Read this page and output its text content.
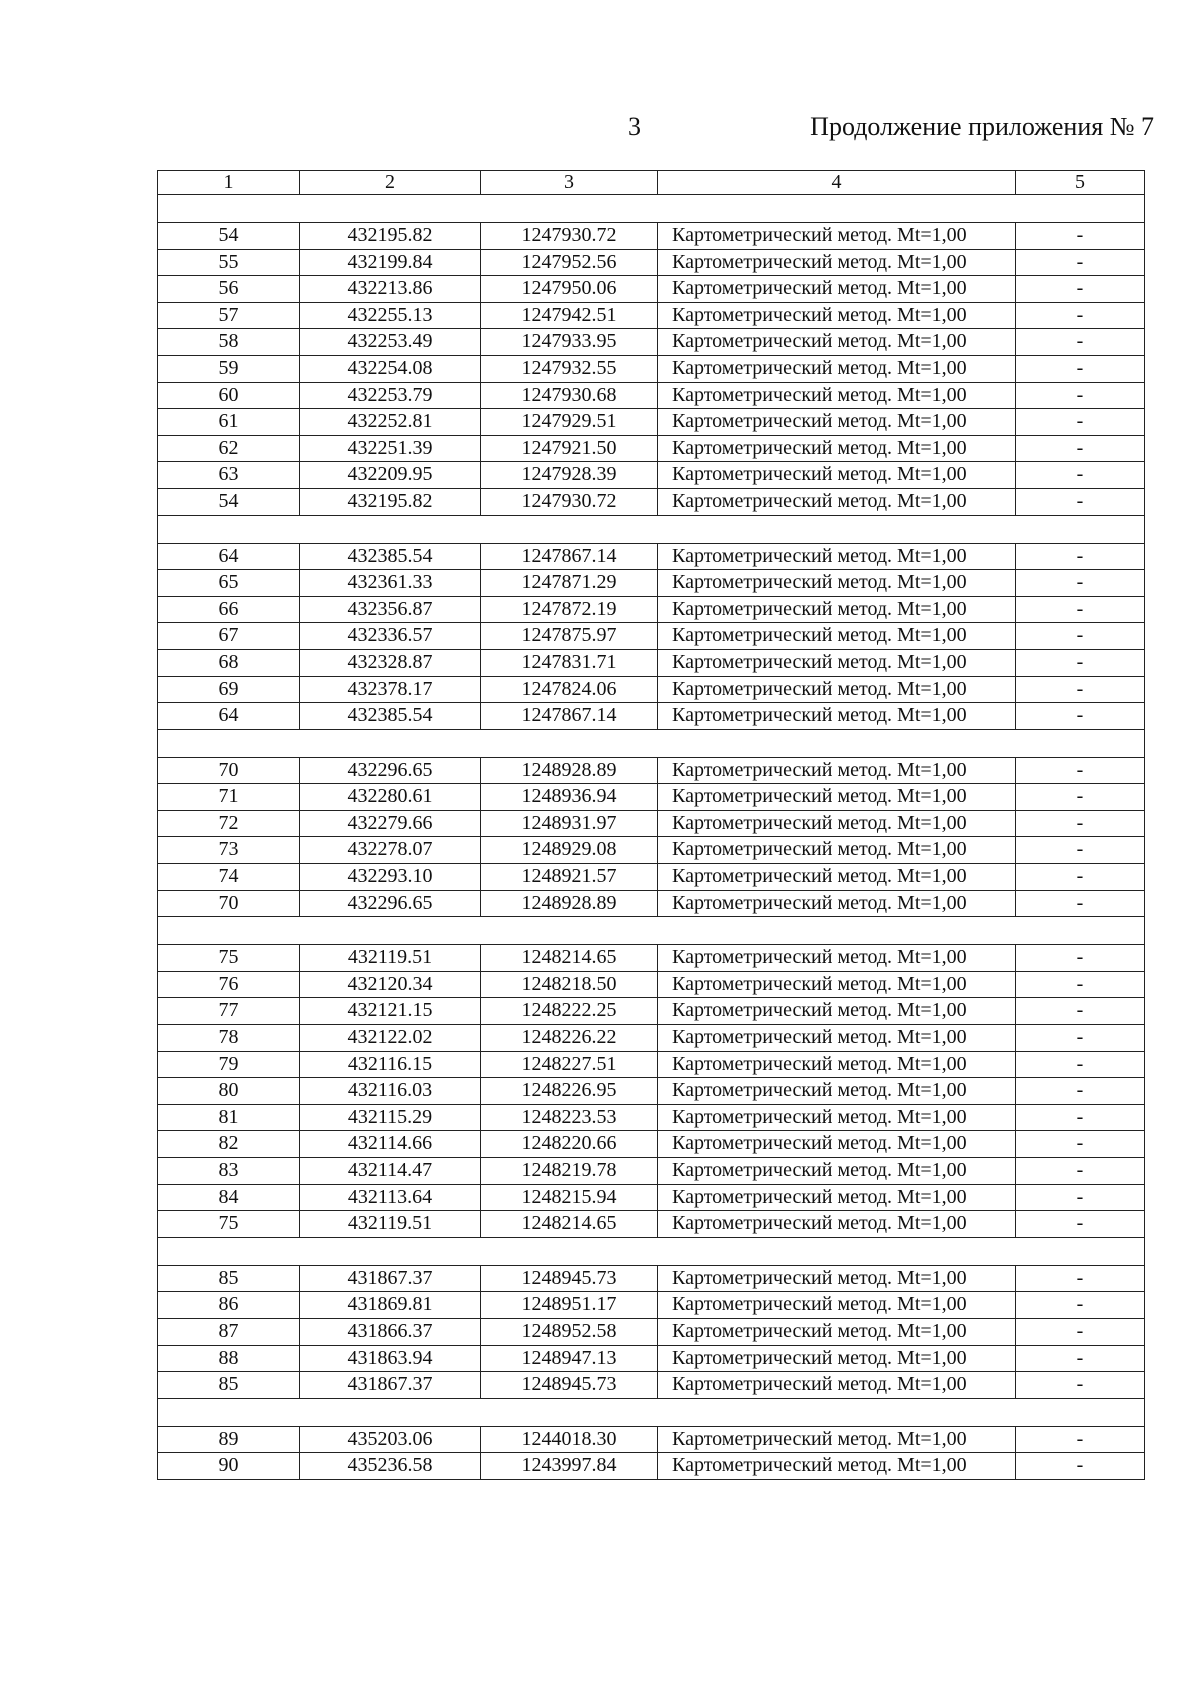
3	Продолжение приложения № 7
1	2	3	4	5

54	432195.82	1247930.72	Картометрический метод. Mt=1,00	-
55	432199.84	1247952.56	Картометрический метод. Mt=1,00	-
56	432213.86	1247950.06	Картометрический метод. Mt=1,00	-
57	432255.13	1247942.51	Картометрический метод. Mt=1,00	-
58	432253.49	1247933.95	Картометрический метод. Mt=1,00	-
59	432254.08	1247932.55	Картометрический метод. Mt=1,00	-
60	432253.79	1247930.68	Картометрический метод. Mt=1,00	-
61	432252.81	1247929.51	Картометрический метод. Mt=1,00	-
62	432251.39	1247921.50	Картометрический метод. Mt=1,00	-
63	432209.95	1247928.39	Картометрический метод. Mt=1,00	-
54	432195.82	1247930.72	Картометрический метод. Mt=1,00	-

64	432385.54	1247867.14	Картометрический метод. Mt=1,00	-
65	432361.33	1247871.29	Картометрический метод. Mt=1,00	-
66	432356.87	1247872.19	Картометрический метод. Mt=1,00	-
67	432336.57	1247875.97	Картометрический метод. Mt=1,00	-
68	432328.87	1247831.71	Картометрический метод. Mt=1,00	-
69	432378.17	1247824.06	Картометрический метод. Mt=1,00	-
64	432385.54	1247867.14	Картометрический метод. Mt=1,00	-

70	432296.65	1248928.89	Картометрический метод. Mt=1,00	-
71	432280.61	1248936.94	Картометрический метод. Mt=1,00	-
72	432279.66	1248931.97	Картометрический метод. Mt=1,00	-
73	432278.07	1248929.08	Картометрический метод. Mt=1,00	-
74	432293.10	1248921.57	Картометрический метод. Mt=1,00	-
70	432296.65	1248928.89	Картометрический метод. Mt=1,00	-

75	432119.51	1248214.65	Картометрический метод. Mt=1,00	-
76	432120.34	1248218.50	Картометрический метод. Mt=1,00	-
77	432121.15	1248222.25	Картометрический метод. Mt=1,00	-
78	432122.02	1248226.22	Картометрический метод. Mt=1,00	-
79	432116.15	1248227.51	Картометрический метод. Mt=1,00	-
80	432116.03	1248226.95	Картометрический метод. Mt=1,00	-
81	432115.29	1248223.53	Картометрический метод. Mt=1,00	-
82	432114.66	1248220.66	Картометрический метод. Mt=1,00	-
83	432114.47	1248219.78	Картометрический метод. Mt=1,00	-
84	432113.64	1248215.94	Картометрический метод. Mt=1,00	-
75	432119.51	1248214.65	Картометрический метод. Mt=1,00	-

85	431867.37	1248945.73	Картометрический метод. Mt=1,00	-
86	431869.81	1248951.17	Картометрический метод. Mt=1,00	-
87	431866.37	1248952.58	Картометрический метод. Mt=1,00	-
88	431863.94	1248947.13	Картометрический метод. Mt=1,00	-
85	431867.37	1248945.73	Картометрический метод. Mt=1,00	-

89	435203.06	1244018.30	Картометрический метод. Mt=1,00	-
90	435236.58	1243997.84	Картометрический метод. Mt=1,00	-
